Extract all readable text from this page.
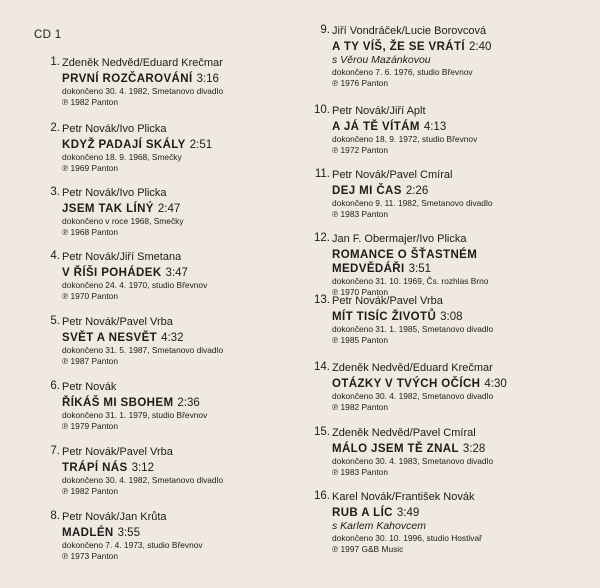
CD 1
1. Zdeněk Nedvěd/Eduard Krečmar
PRVNÍ ROZČAROVÁNÍ 3:16
dokončeno 30. 4. 1982, Smetanovo divadlo
℗ 1982 Panton
2. Petr Novák/Ivo Plicka
KDYŽ PADAJÍ SKÁLY 2:51
dokončeno 18. 9. 1968, Smečky
℗ 1969 Panton
3. Petr Novák/Ivo Plicka
JSEM TAK LÍNÝ 2:47
dokončeno v roce 1968, Smečky
℗ 1968 Panton
4. Petr Novák/Jiří Smetana
V ŘÍŠI POHÁDEK 3:47
dokončeno 24. 4. 1970, studio Břevnov
℗ 1970 Panton
5. Petr Novák/Pavel Vrba
SVĚT A NESVĚT 4:32
dokončeno 31. 5. 1987, Smetanovo divadlo
℗ 1987 Panton
6. Petr Novák
ŘÍKÁŠ MI SBOHEM 2:36
dokončeno 31. 1. 1979, studio Břevnov
℗ 1979 Panton
7. Petr Novák/Pavel Vrba
TRÁPÍ NÁS 3:12
dokončeno 30. 4. 1982, Smetanovo divadlo
℗ 1982 Panton
8. Petr Novák/Jan Krůta
MADLÉN 3:55
dokončeno 7. 4. 1973, studio Břevnov
℗ 1973 Panton
9. Jiří Vondráček/Lucie Borovcová
A TY VÍŠ, ŽE SE VRÁTÍ 2:40
s Věrou Mazánkovou
dokončeno 7. 6. 1976, studio Břevnov
℗ 1976 Panton
10. Petr Novák/Jiří Aplt
A JÁ TĚ VÍTÁM 4:13
dokončeno 18. 9. 1972, studio Břevnov
℗ 1972 Panton
11. Petr Novák/Pavel Cmíral
DEJ MI ČAS 2:26
dokončeno 9. 11. 1982, Smetanovo divadlo
℗ 1983 Panton
12. Jan F. Obermajer/Ivo Plicka
ROMANCE O ŠŤASTNÉM
MEDVĚDÁŘI 3:51
dokončeno 31. 10. 1969, Čs. rozhlas Brno
℗ 1970 Panton
13. Petr Novák/Pavel Vrba
MÍT TISÍC ŽIVOTŮ 3:08
dokončeno 31. 1. 1985, Smetanovo divadlo
℗ 1985 Panton
14. Zdeněk Nedvěd/Eduard Krečmar
OTÁZKY V TVÝCH OČÍCH 4:30
dokončeno 30. 4. 1982, Smetanovo divadlo
℗ 1982 Panton
15. Zdeněk Nedvěd/Pavel Cmíral
MÁLO JSEM TĚ ZNAL 3:28
dokončeno 30. 4. 1983, Smetanovo divadlo
℗ 1983 Panton
16. Karel Novák/František Novák
RUB A LÍC 3:49
s Karlem Kahovcem
dokončeno 30. 10. 1996, studio Hostivař
℗ 1997 G&B Music
